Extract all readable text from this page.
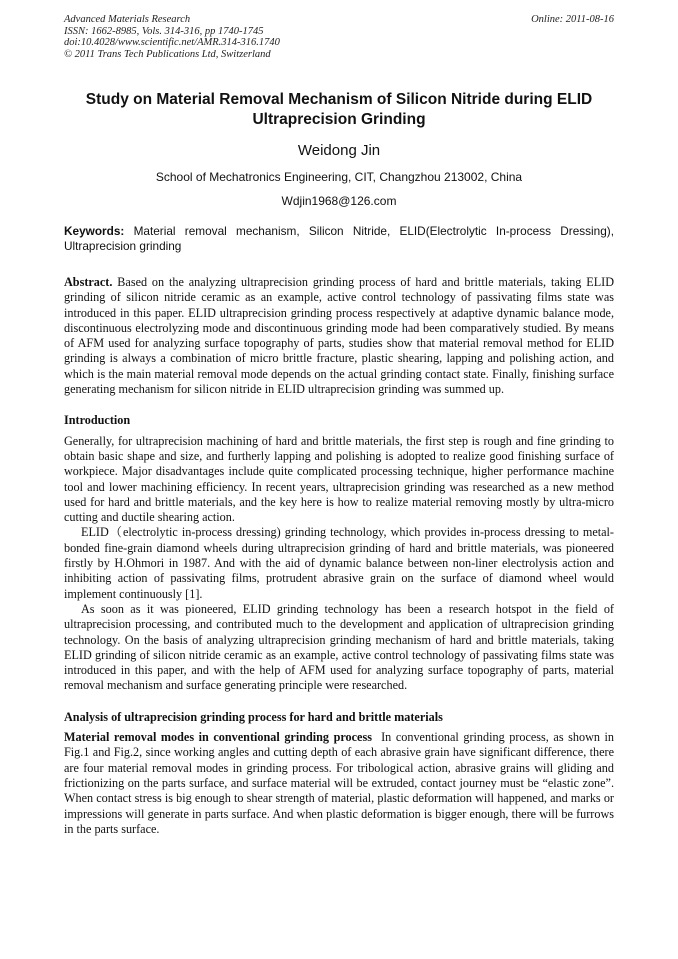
Advanced Materials Research	Online: 2011-08-16
ISSN: 1662-8985, Vols. 314-316, pp 1740-1745
doi:10.4028/www.scientific.net/AMR.314-316.1740
© 2011 Trans Tech Publications Ltd, Switzerland
Study on Material Removal Mechanism of Silicon Nitride during ELID
Ultraprecision Grinding
Weidong Jin
School of Mechatronics Engineering, CIT, Changzhou 213002, China
Wdjin1968@126.com
Keywords: Material removal mechanism, Silicon Nitride, ELID(Electrolytic In-process Dressing), Ultraprecision grinding
Abstract. Based on the analyzing ultraprecision grinding process of hard and brittle materials, taking ELID grinding of silicon nitride ceramic as an example, active control technology of passivating films state was introduced in this paper. ELID ultraprecision grinding process respectively at adaptive dynamic balance mode, discontinuous electrolyzing mode and discontinuous grinding mode had been comparatively studied. By means of AFM used for analyzing surface topography of parts, studies show that material removal method for ELID grinding is always a combination of micro brittle fracture, plastic shearing, lapping and polishing action, and which is the main material removal mode depends on the actual grinding contact state. Finally, finishing surface generating mechanism for silicon nitride in ELID ultraprecision grinding was summed up.
Introduction

Generally, for ultraprecision machining of hard and brittle materials, the first step is rough and fine grinding to obtain basic shape and size, and furtherly lapping and polishing is adopted to realize good finishing surface of workpiece. Major disadvantages include quite complicated processing technique, higher performance machine tool and lower machining efficiency. In recent years, ultraprecision grinding was researched as a new method used for hard and brittle materials, and the key here is how to realize material removing mostly by ultra-micro cutting and ductile shearing action.

ELID（electrolytic in-process dressing) grinding technology, which provides in-process dressing to metal-bonded fine-grain diamond wheels during ultraprecision grinding of hard and brittle materials, was pioneered firstly by H.Ohmori in 1987. And with the aid of dynamic balance between non-liner electrolysis action and inhibiting action of passivating films, protrudent abrasive grain on the surface of diamond wheel would implement continuously [1].

As soon as it was pioneered, ELID grinding technology has been a research hotspot in the field of ultraprecision processing, and contributed much to the development and application of ultraprecision grinding technology. On the basis of analyzing ultraprecision grinding mechanism of hard and brittle materials, taking ELID grinding of silicon nitride ceramic as an example, active control technology of passivating films state was introduced in this paper, and with the help of AFM used for analyzing surface topography of parts, material removal mechanism and surface generating principle were researched.

Analysis of ultraprecision grinding process for hard and brittle materials

Material removal modes in conventional grinding process In conventional grinding process, as shown in Fig.1 and Fig.2, since working angles and cutting depth of each abrasive grain have significant difference, there are four material removal modes in grinding process. For tribological action, abrasive grains will gliding and frictionizing on the parts surface, and surface material will be extruded, contact journey must be “elastic zone”. When contact stress is big enough to shear strength of material, plastic deformation will happened, and marks or impressions will generate in parts surface. And when plastic deformation is bigger enough, there will be furrows in the parts surface.
